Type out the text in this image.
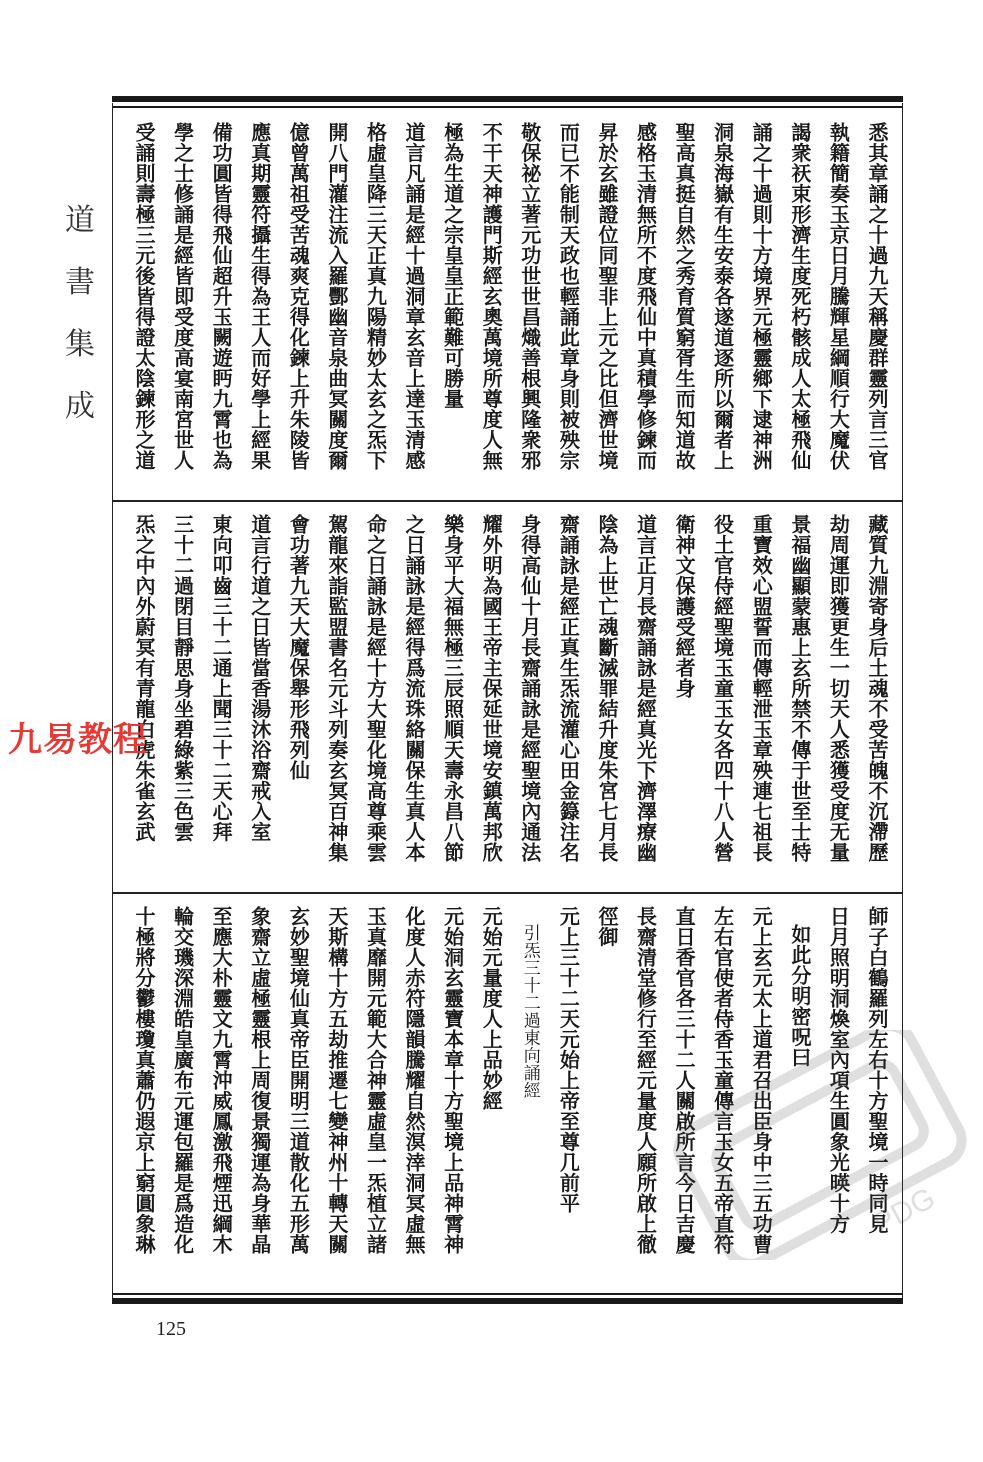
道
書
集
成	悉其章誦之十過九天稱慶群靈列言三官
執籍簡奏玉京日月騰輝星綱順行大魔伏
謁衆祆束形濟生度死朽骸成人太極飛仙
誦之十過則十方境界元極靈鄉下逮神洲
洞泉海嶽有生安泰各遂道逐所以爾者上
聖高真挺自然之秀育質窮胥生而知道故
感格玉清無所不度飛仙中真積學修鍊而
昇於玄雖證位同聖非上元之比但濟世境
而已不能制天政也輕誦此章身則被殃宗
敬保祕立著元功世世昌熾善根興隆衆邪
不干天神護門斯經玄奧萬境所尊度人無
極為生道之宗皇皇正範難可勝量
道言凡誦是經十過洞章玄音上達玉清感
格虛皇降三天正真九陽精妙太玄之炁下
開八門灌注流入羅酆幽音泉曲冥關度爾
億曾萬祖受苦魂爽克得化鍊上升朱陵皆
應真期靈符攝生得為王人而好學上經果
備功圓皆得飛仙超升玉闕遊眄九霄也為
學之士修誦是經皆即受度高宴南宮世人
受誦則壽極三元後皆得證太陰鍊形之道
藏質九淵寄身后土魂不受苦魄不沉滯歷
劫周運即獲更生一切天人悉獲受度无量
景福幽顯蒙惠上玄所禁不傳于世至士特
重寶效心盟誓而傳輕泄玉章殃連七祖長
役土官侍經聖境玉童玉女各四十八人營
衛神文保護受經者身
道言正月長齋誦詠是經真光下濟澤療幽
陰為上世亡魂斷滅罪結升度朱宮七月長
齋誦詠是經正真生炁流灌心田金籙注名
身得高仙十月長齋誦詠是經聖境內通法
耀外明為國王帝主保延世境安鎮萬邦欣
樂身平大福無極三辰照順天壽永昌八節
之日誦詠是經得爲流珠絡關保生真人本
命之日誦詠是經十方大聖化境高尊乘雲
駕龍來詣監盟書名元斗列奏玄冥百神集
會功著九天大魔保舉形飛列仙
道言行道之日皆當香湯沐浴齋戒入室
東向叩齒三十二通上聞三十二天心拜
三十二過閉目靜思身坐碧綠紫三色雲
炁之中內外蔚冥有青龍白虎朱雀玄武
師子白鶴羅列左右十方聖境一時同見
日月照明洞煥室內項生圓象光暎十方
如此分明密呪曰
元上玄元太上道君召出臣身中三五功曹
左右官使者侍香玉童傳言玉女五帝直符
直日香官各三十二人關啟所言今日吉慶
長齋清堂修行至經元量度人願所啟上徹
徑御
元上三十二天元始上帝至尊几前平
引炁三十二過東向誦經
元始元量度人上品妙經
元始洞玄靈寶本章十方聖境上品神霄神
化度人赤符隱韻騰耀自然溟涬洞冥虛無
玉真靡開元範大合神靈虛皇一炁植立諸
天斯構十方五劫推遷七變神州十轉天關
玄妙聖境仙真帝臣開明三道散化五形萬
象齋立虛極靈根上周復景獨運為身華晶
至應大朴靈文九霄沖威鳳激飛煙迅綱木
輪交璣深淵皓皇廣布元運包羅是爲造化
十極將分鬱樓瓊真蕭仍遐京上窮圓象琳	PDG
九易教程
125
